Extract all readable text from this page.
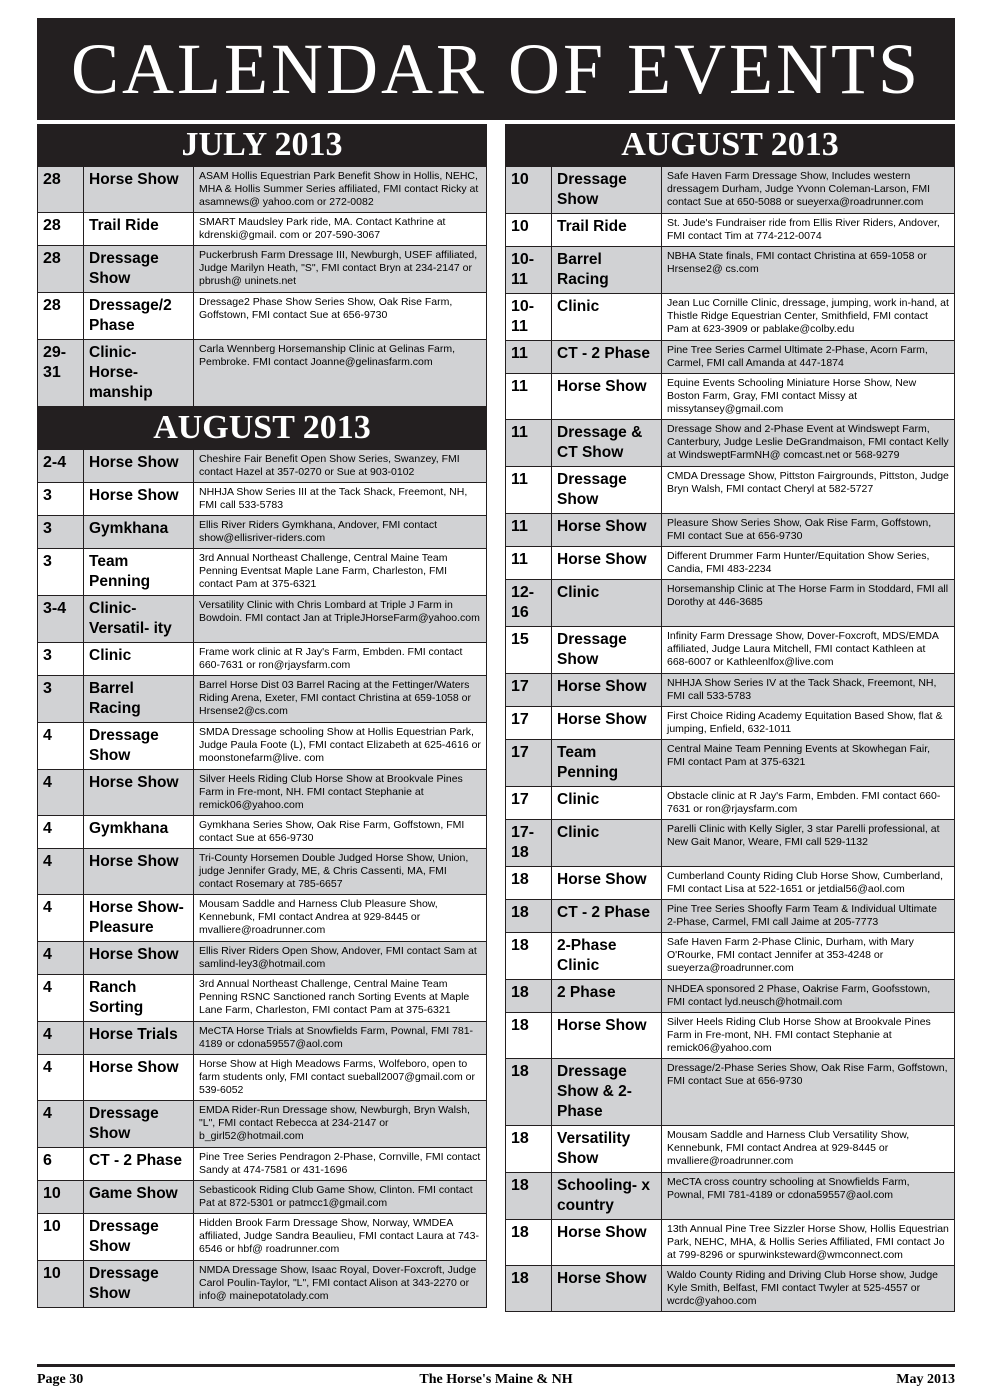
CALENDAR OF EVENTS
JULY 2013
28	Horse Show	ASAM Hollis Equestrian Park Benefit Show in Hollis, NEHC, MHA & Hollis Summer Series affiliated, FMI contact Ricky at asamnews@ yahoo.com or 272-0082
28	Trail Ride	SMART Maudsley Park ride, MA. Contact Kathrine at kdrenski@gmail. com or 207-590-3067
28	Dressage Show	Puckerbrush Farm Dressage III, Newburgh, USEF affiliated, Judge Marilyn Heath, "S", FMI contact Bryn at 234-2147 or pbrush@ uninets.net
28	Dressage/2 Phase	Dressage2 Phase Show Series Show, Oak Rise Farm, Goffstown, FMI contact Sue at 656-9730
29- 31	Clinic- Horse- manship	Carla Wennberg Horsemanship Clinic at Gelinas Farm, Pembroke. FMI contact Joanne@gelinasfarm.com
AUGUST 2013
2-4	Horse Show	Cheshire Fair Benefit Open Show Series, Swanzey, FMI contact Hazel at 357-0270 or Sue at 903-0102
3	Horse Show	NHHJA Show Series III at the Tack Shack, Freemont, NH, FMI call 533-5783
3	Gymkhana	Ellis River Riders Gymkhana, Andover, FMI contact show@ellisriver-riders.com
3	Team Penning	3rd Annual Northeast Challenge, Central Maine Team Penning Eventsat Maple Lane Farm, Charleston, FMI contact Pam at 375-6321
3-4	Clinic- Versatil- ity	Versatility Clinic with Chris Lombard at Triple J Farm in Bowdoin. FMI contact Jan at TripleJHorseFarm@yahoo.com
3	Clinic	Frame work clinic at R Jay's Farm, Embden. FMI contact 660-7631 or ron@rjaysfarm.com
3	Barrel Racing	Barrel Horse Dist 03 Barrel Racing at the Fettinger/Waters Riding Arena, Exeter, FMI contact Christina at 659-1058 or Hrsense2@cs.com
4	Dressage Show	SMDA Dressage schooling Show at Hollis Equestrian Park, Judge Paula Foote (L), FMI contact Elizabeth at 625-4616 or moonstonefarm@live. com
4	Horse Show	Silver Heels Riding Club Horse Show at Brookvale Pines Farm in Fre-mont, NH. FMI contact Stephanie at remick06@yahoo.com
4	Gymkhana	Gymkhana Series Show, Oak Rise Farm, Goffstown, FMI contact Sue at 656-9730
4	Horse Show	Tri-County Horsemen Double Judged Horse Show, Union, judge Jennifer Grady, ME, & Chris Cassenti, MA, FMI contact Rosemary at 785-6657
4	Horse Show- Pleasure	Mousam Saddle and Harness Club Pleasure Show, Kennebunk, FMI contact Andrea at 929-8445 or mvalliere@roadrunner.com
4	Horse Show	Ellis River Riders Open Show, Andover, FMI contact Sam at samlind-ley3@hotmail.com
4	Ranch Sorting	3rd Annual Northeast Challenge, Central Maine Team Penning RSNC Sanctioned ranch Sorting Events at Maple Lane Farm, Charleston, FMI contact Pam at 375-6321
4	Horse Trials	MeCTA Horse Trials at Snowfields Farm, Pownal, FMI 781-4189 or cdona59557@aol.com
4	Horse Show	Horse Show at High Meadows Farms, Wolfeboro, open to farm students only, FMI contact sueball2007@gmail.com or 539-6052
4	Dressage Show	EMDA Rider-Run Dressage show, Newburgh, Bryn Walsh, "L", FMI contact Rebecca at 234-2147 or b_girl52@hotmail.com
6	CT - 2 Phase	Pine Tree Series Pendragon 2-Phase, Cornville, FMI contact Sandy at 474-7581 or 431-1696
10	Game Show	Sebasticook Riding Club Game Show, Clinton. FMI contact Pat at 872-5301 or patmcc1@gmail.com
10	Dressage Show	Hidden Brook Farm Dressage Show, Norway, WMDEA affiliated, Judge Sandra Beaulieu, FMI contact Laura at 743-6546 or hbf@ roadrunner.com
10	Dressage Show	NMDA Dressage Show, Isaac Royal, Dover-Foxcroft, Judge Carol Poulin-Taylor, "L", FMI contact Alison at 343-2270 or info@ mainepotatolady.com
AUGUST 2013
10	Dressage Show	Safe Haven Farm Dressage Show, Includes western dressagem Durham, Judge Yvonn Coleman-Larson, FMI contact Sue at 650-5088 or sueyerxa@roadrunner.com
10	Trail Ride	St. Jude's Fundraiser ride from Ellis River Riders, Andover, FMI contact Tim at 774-212-0074
10- 11	Barrel Racing	NBHA State finals, FMI contact Christina at 659-1058 or Hrsense2@ cs.com
10- 11	Clinic	Jean Luc Cornille Clinic, dressage, jumping, work in-hand, at Thistle Ridge Equestrian Center, Smithfield, FMI contact Pam at 623-3909 or pablake@colby.edu
11	CT - 2 Phase	Pine Tree Series Carmel Ultimate 2-Phase, Acorn Farm, Carmel, FMI call Amanda at 447-1874
11	Horse Show	Equine Events Schooling Miniature Horse Show, New Boston Farm, Gray, FMI contact Missy at missytansey@gmail.com
11	Dressage & CT Show	Dressage Show and 2-Phase Event at Windswept Farm, Canterbury, Judge Leslie DeGrandmaison, FMI contact Kelly at WindsweptFarmNH@ comcast.net or 568-9279
11	Dressage Show	CMDA Dressage Show, Pittston Fairgrounds, Pittston, Judge Bryn Walsh, FMI contact Cheryl at 582-5727
11	Horse Show	Pleasure Show Series Show, Oak Rise Farm, Goffstown, FMI contact Sue at 656-9730
11	Horse Show	Different Drummer Farm Hunter/Equitation Show Series, Candia, FMI 483-2234
12- 16	Clinic	Horsemanship Clinic at The Horse Farm in Stoddard, FMI all Dorothy at 446-3685
15	Dressage Show	Infinity Farm Dressage Show, Dover-Foxcroft, MDS/EMDA affiliated, Judge Laura Mitchell, FMI contact Kathleen at 668-6007 or Kathleenlfox@live.com
17	Horse Show	NHHJA Show Series IV at the Tack Shack, Freemont, NH, FMI call 533-5783
17	Horse Show	First Choice Riding Academy Equitation Based Show, flat & jumping, Enfield, 632-1011
17	Team Penning	Central Maine Team Penning Events at Skowhegan Fair, FMI contact Pam at 375-6321
17	Clinic	Obstacle clinic at R Jay's Farm, Embden. FMI contact 660-7631 or ron@rjaysfarm.com
17- 18	Clinic	Parelli Clinic with Kelly Sigler, 3 star Parelli professional, at New Gait Manor, Weare, FMI call 529-1132
18	Horse Show	Cumberland County Riding Club Horse Show, Cumberland, FMI contact Lisa at 522-1651 or jetdial56@aol.com
18	CT - 2 Phase	Pine Tree Series Shoofly Farm Team & Individual Ultimate 2-Phase, Carmel, FMI call Jaime at 205-7773
18	2-Phase Clinic	Safe Haven Farm 2-Phase Clinic, Durham, with Mary O'Rourke, FMI contact Jennifer at 353-4248 or sueyerza@roadrunner.com
18	2 Phase	NHDEA sponsored 2 Phase, Oakrise Farm, Goofsstown, FMI contact lyd.neusch@hotmail.com
18	Horse Show	Silver Heels Riding Club Horse Show at Brookvale Pines Farm in Fre-mont, NH. FMI contact Stephanie at remick06@yahoo.com
18	Dressage Show & 2-Phase	Dressage/2-Phase Series Show, Oak Rise Farm, Goffstown, FMI contact Sue at 656-9730
18	Versatility Show	Mousam Saddle and Harness Club Versatility Show, Kennebunk, FMI contact Andrea at 929-8445 or mvalliere@roadrunner.com
18	Schooling- x country	MeCTA cross country schooling at Snowfields Farm, Pownal, FMI 781-4189 or cdona59557@aol.com
18	Horse Show	13th Annual Pine Tree Sizzler Horse Show, Hollis Equestrian Park, NEHC, MHA, & Hollis Series Affiliated, FMI contact Jo at 799-8296 or spurwinksteward@wmconnect.com
18	Horse Show	Waldo County Riding and Driving Club Horse show, Judge Kyle Smith, Belfast, FMI contact Twyler at 525-4557 or wcrdc@yahoo.com
Page 30	The Horse's Maine & NH	May 2013
